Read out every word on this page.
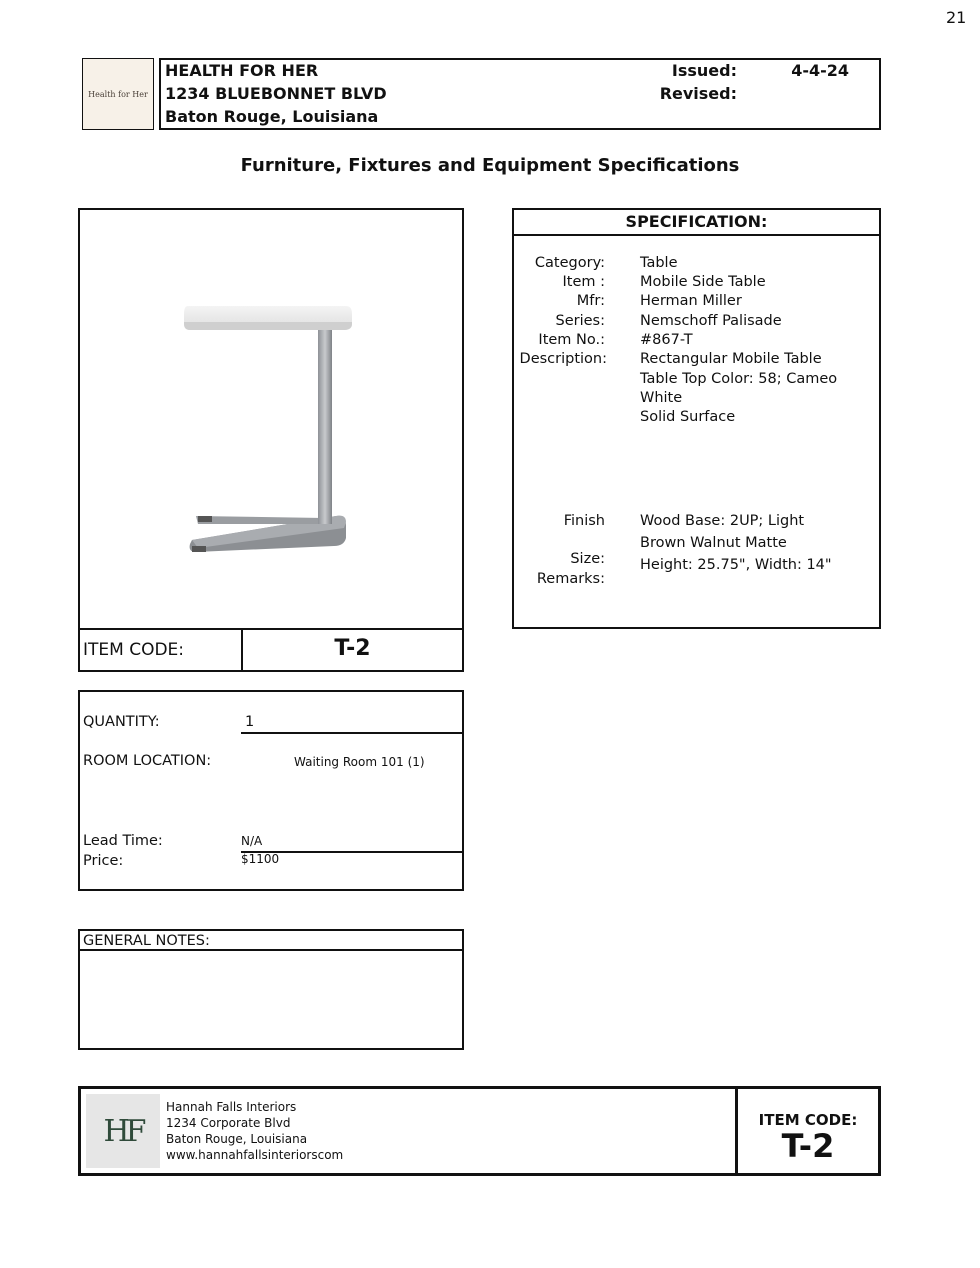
21
Health for Her
HEALTH FOR HER
1234 BLUEBONNET BLVD
Baton Rouge, Louisiana
Issued:	4-4-24
Revised:
Furniture, Fixtures and Equipment Specifications
ITEM CODE:	T-2
SPECIFICATION:
Category: Table
Item : Mobile Side Table
Mfr: Herman Miller
Series: Nemschoff Palisade
Item No.: #867-T
Description: Rectangular Mobile Table
Table Top Color: 58; Cameo
White
Solid Surface
Finish Wood Base: 2UP; Light
Brown Walnut Matte
Size: Height: 25.75", Width: 14"
Remarks:
QUANTITY:	1
ROOM LOCATION:	Waiting Room 101 (1)
Lead Time:	N/A
Price:	$1100
GENERAL NOTES:
HF
Hannah Falls Interiors
1234 Corporate Blvd
Baton Rouge, Louisiana
www.hannahfallsinteriorscom
ITEM CODE:
T-2
